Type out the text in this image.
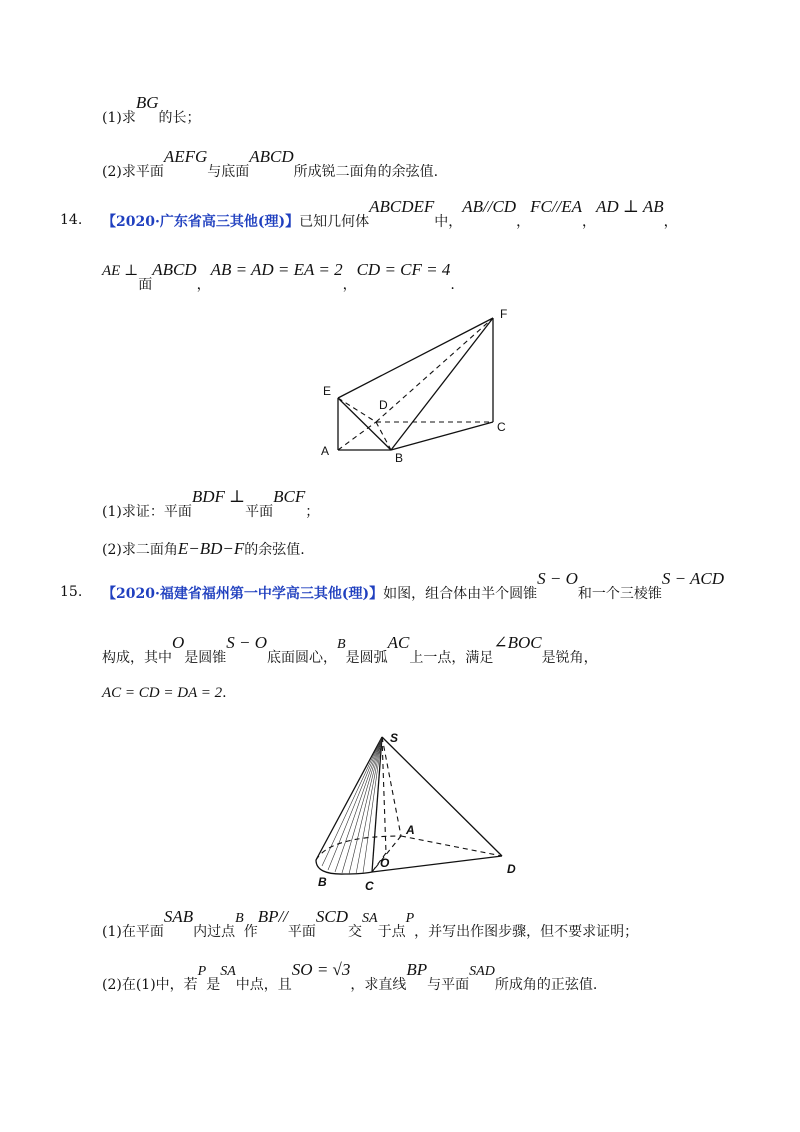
(1)求BG的长；
(2)求平面AEFG与底面ABCD所成锐二面角的余弦值.
14. 【2020·广东省高三其他(理)】已知几何体ABCDEF中，AB//CD，FC//EA，AD ⊥ AB，
AE ⊥面ABCD，AB = AD = EA = 2，CD = CF = 4.
F
E
D
C
A	B
(1)求证：平面BDF ⊥平面BCF；
(2)求二面角E−BD−F的余弦值.
15. 【2020·福建省福州第一中学高三其他(理)】如图，组合体由半个圆锥S − O和一个三棱锥S − ACD
构成，其中O是圆锥S − O底面圆心，B是圆弧AC上一点，满足∠BOC是锐角，
AC = CD = DA = 2.
S
A
O	D
B	C
(1)在平面SAB内过点B作BP//平面SCD交SA于点P，并写出作图步骤，但不要求证明；
(2)在(1)中，若P是SA中点，且SO = √3，求直线BP与平面SAD所成角的正弦值.
